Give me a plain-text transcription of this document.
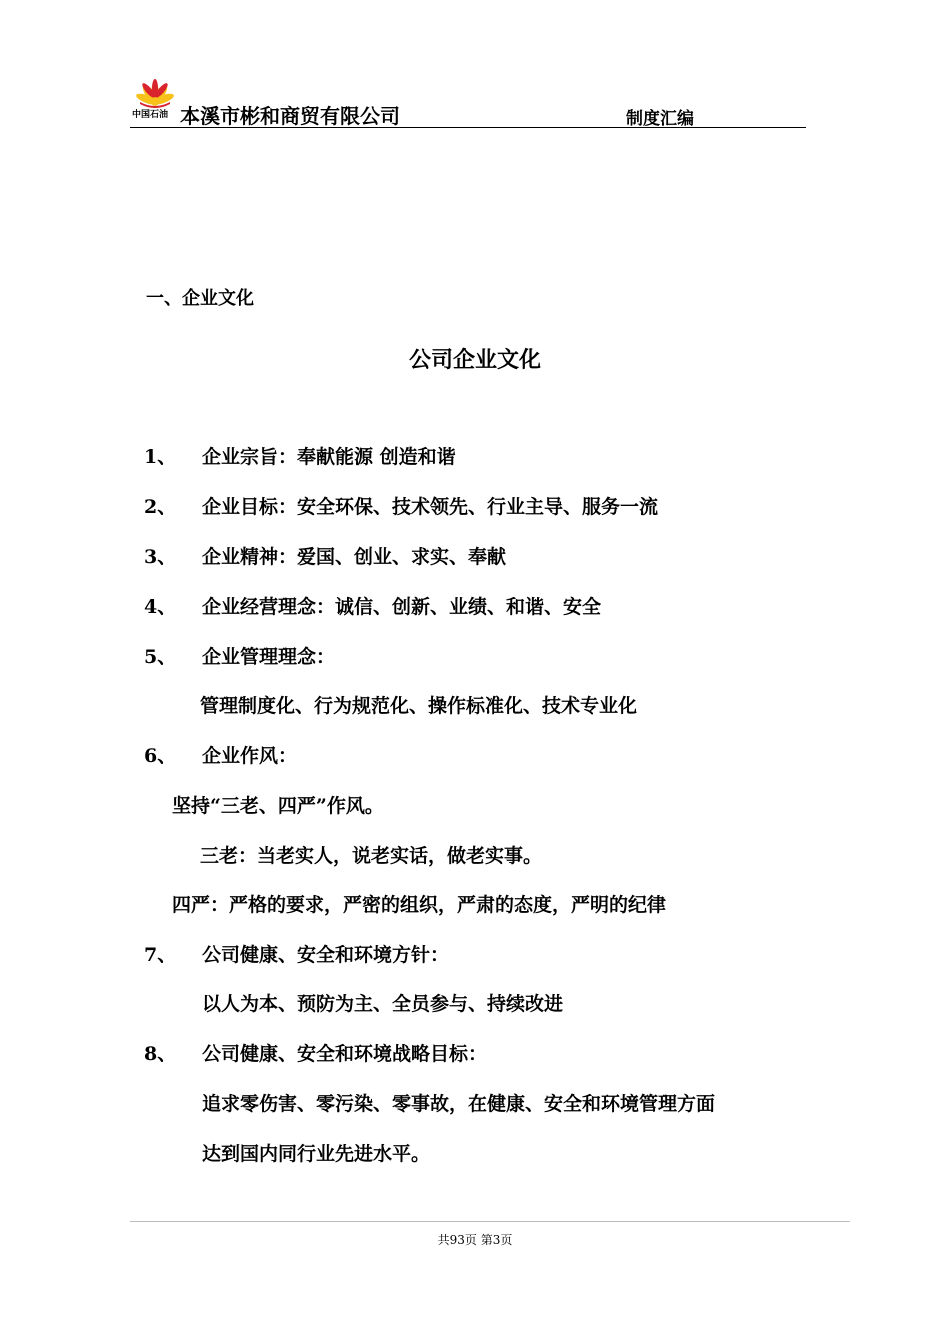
中国石油 本溪市彬和商贸有限公司	制度汇编
一、企业文化
公司企业文化
1、 企业宗旨：奉献能源 创造和谐
2、 企业目标：安全环保、技术领先、行业主导、服务一流
3、 企业精神：爱国、创业、求实、奉献
4、 企业经营理念：诚信、创新、业绩、和谐、安全
5、 企业管理理念：
管理制度化、行为规范化、操作标准化、技术专业化
6、 企业作风：
坚持“三老、四严”作风。
三老：当老实人，说老实话，做老实事。
四严：严格的要求，严密的组织，严肃的态度，严明的纪律
7、 公司健康、安全和环境方针：
以人为本、预防为主、全员参与、持续改进
8、 公司健康、安全和环境战略目标：
追求零伤害、零污染、零事故，在健康、安全和环境管理方面
达到国内同行业先进水平。
共93页 第3页
